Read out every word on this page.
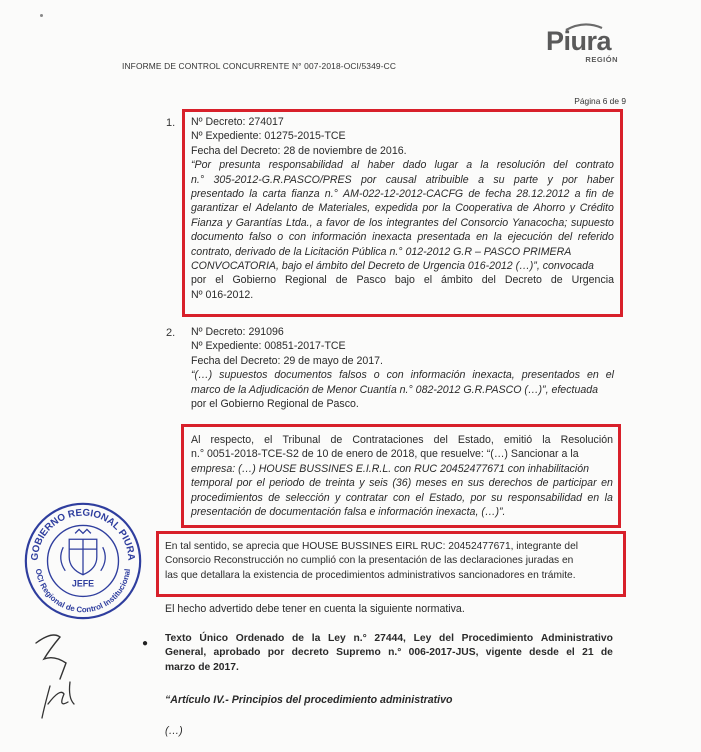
INFORME DE CONTROL CONCURRENTE N° 007-2018-OCI/5349-CC
Piura
REGIÓN
Página 6 de 9
1. Nº Decreto: 274017
Nº Expediente: 01275-2015-TCE
Fecha del Decreto: 28 de noviembre de 2016.
“Por presunta responsabilidad al haber dado lugar a la resolución del contrato
n.° 305-2012-G.R.PASCO/PRES por causal atribuible a su parte y por haber
presentado la carta fianza n.° AM-022-12-2012-CACFG de fecha 28.12.2012 a fin de
garantizar el Adelanto de Materiales, expedida por la Cooperativa de Ahorro y Crédito
Fianza y Garantías Ltda., a favor de los integrantes del Consorcio Yanacocha; supuesto
documento falso o con información inexacta presentada en la ejecución del referido
contrato, derivado de la Licitación Pública n.° 012-2012 G.R – PASCO PRIMERA
CONVOCATORIA, bajo el ámbito del Decreto de Urgencia 016-2012 (…)”, convocada
por el Gobierno Regional de Pasco bajo el ámbito del Decreto de Urgencia
Nº 016-2012.
2. Nº Decreto: 291096
Nº Expediente: 00851-2017-TCE
Fecha del Decreto: 29 de mayo de 2017.
“(…) supuestos documentos falsos o con información inexacta, presentados en el
marco de la Adjudicación de Menor Cuantía n.° 082-2012 G.R.PASCO (…)”, efectuada
por el Gobierno Regional de Pasco.
Al respecto, el Tribunal de Contrataciones del Estado, emitió la Resolución
n.° 0051-2018-TCE-S2 de 10 de enero de 2018, que resuelve: “(…) Sancionar a la
empresa: (…) HOUSE BUSSINES E.I.R.L. con RUC 20452477671 con inhabilitación
temporal por el periodo de treinta y seis (36) meses en sus derechos de participar en
procedimientos de selección y contratar con el Estado, por su responsabilidad en la
presentación de documentación falsa e información inexacta, (…)”.
En tal sentido, se aprecia que HOUSE BUSSINES EIRL RUC: 20452477671, integrante del
Consorcio Reconstrucción no cumplió con la presentación de las declaraciones juradas en
las que detallara la existencia de procedimientos administrativos sancionadores en trámite.
El hecho advertido debe tener en cuenta la siguiente normativa.
● Texto Único Ordenado de la Ley n.° 27444, Ley del Procedimiento Administrativo
General, aprobado por decreto Supremo n.° 006-2017-JUS, vigente desde el 21 de
marzo de 2017.
“Artículo IV.- Principios del procedimiento administrativo
(…)
GOBIERNO REGIONAL PIURA
OCI Regional de Control Institucional
JEFE
